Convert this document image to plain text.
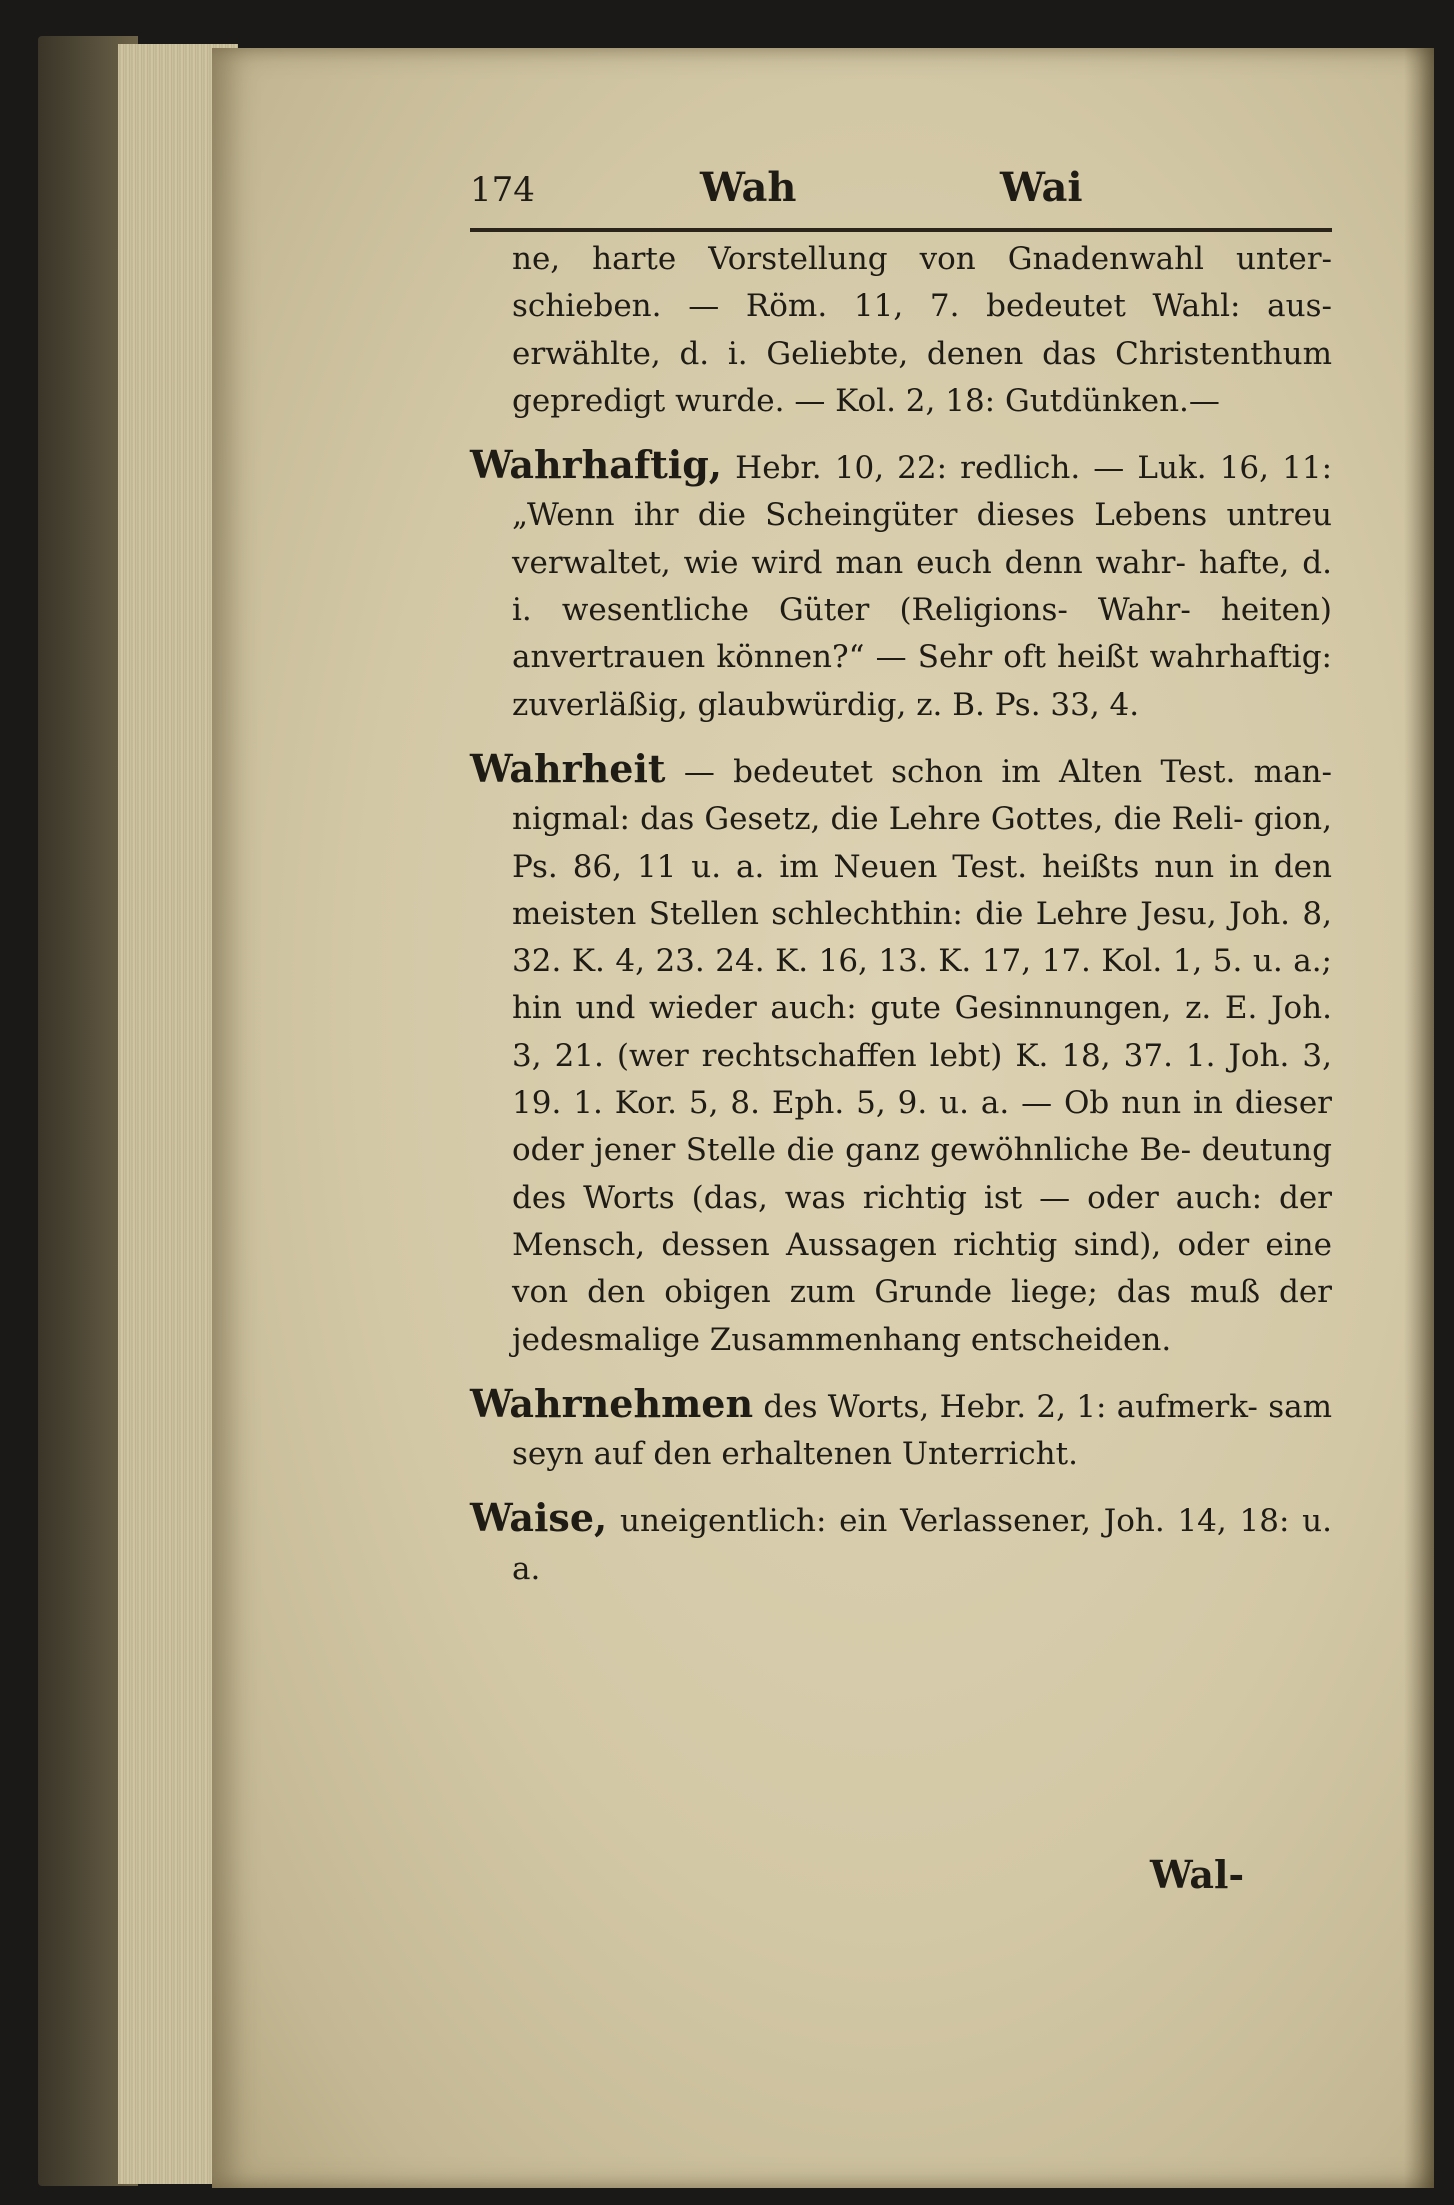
174	Wah	Wai

ne, harte Vorstellung von Gnadenwahl unter- schieben. — Röm. 11, 7. bedeutet Wahl: aus- erwählte, d. i. Geliebte, denen das Christenthum gepredigt wurde. — Kol. 2, 18: Gutdünken.—

Wahrhaftig, Hebr. 10, 22: redlich. — Luk. 16, 11: „Wenn ihr die Scheingüter dieses Lebens untreu verwaltet, wie wird man euch denn wahr- hafte, d. i. wesentliche Güter (Religions- Wahr- heiten) anvertrauen können?“ — Sehr oft heißt wahrhaftig: zuverläßig, glaubwürdig, z. B. Ps. 33, 4.

Wahrheit — bedeutet schon im Alten Test. man- nigmal: das Gesetz, die Lehre Gottes, die Reli- gion, Ps. 86, 11 u. a. im Neuen Test. heißts nun in den meisten Stellen schlechthin: die Lehre Jesu, Joh. 8, 32. K. 4, 23. 24. K. 16, 13. K. 17, 17. Kol. 1, 5. u. a.; hin und wieder auch: gute Gesinnungen, z. E. Joh. 3, 21. (wer rechtschaffen lebt) K. 18, 37. 1. Joh. 3, 19. 1. Kor. 5, 8. Eph. 5, 9. u. a. — Ob nun in dieser oder jener Stelle die ganz gewöhnliche Be- deutung des Worts (das, was richtig ist — oder auch: der Mensch, dessen Aussagen richtig sind), oder eine von den obigen zum Grunde liege; das muß der jedesmalige Zusammenhang entscheiden.

Wahrnehmen des Worts, Hebr. 2, 1: aufmerk- sam seyn auf den erhaltenen Unterricht.

Waise, uneigentlich: ein Verlassener, Joh. 14, 18: u. a.

Wal-
